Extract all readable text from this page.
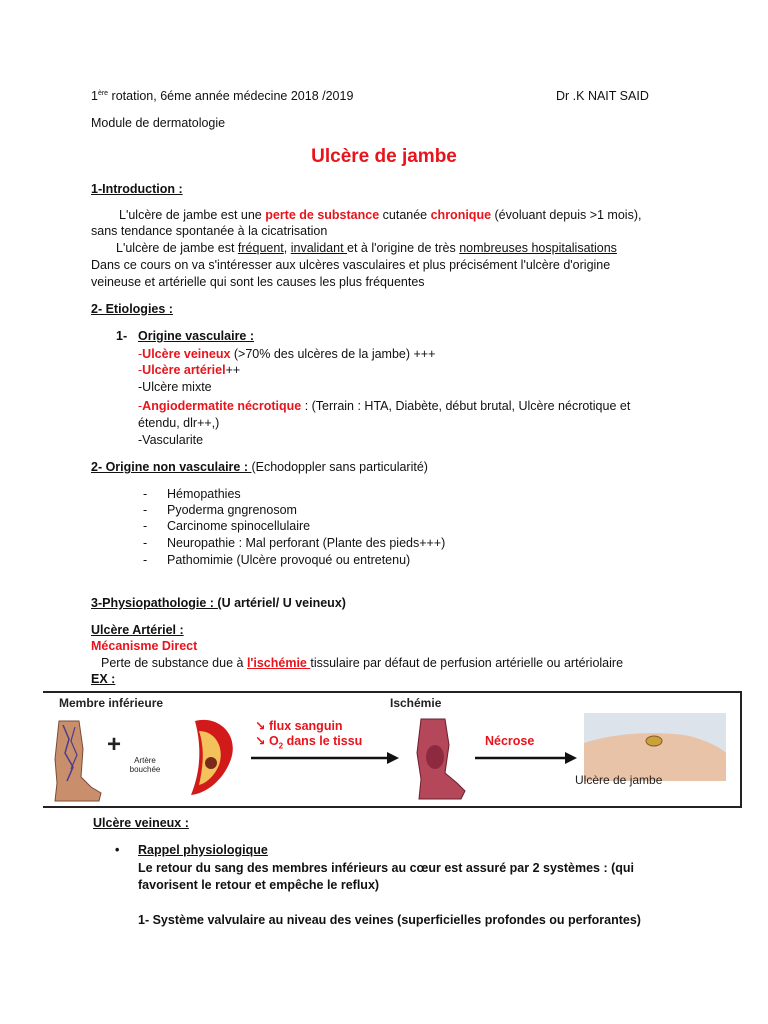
1ère rotation, 6éme année médecine 2018 /2019	Dr .K NAIT SAID
Module de dermatologie
Ulcère de jambe
1-Introduction :
L'ulcère de jambe est une perte de substance cutanée chronique (évoluant depuis >1 mois),
sans tendance spontanée à la cicatrisation
L'ulcère de jambe est fréquent, invalidant et à l'origine de très nombreuses hospitalisations
Dans ce cours on va s'intéresser aux ulcères vasculaires et plus précisément l'ulcère d'origine
veineuse et artérielle qui sont les causes les plus fréquentes
2- Etiologies :
1- Origine vasculaire :
-Ulcère veineux (>70% des ulcères de la jambe) +++
-Ulcère artériel++
-Ulcère mixte
-Angiodermatite nécrotique : (Terrain : HTA, Diabète, début brutal, Ulcère nécrotique et
étendu, dlr++,)
-Vascularite
2- Origine non vasculaire : (Echodoppler sans particularité)
- Hémopathies
- Pyoderma gngrenosom
- Carcinome spinocellulaire
- Neuropathie : Mal perforant (Plante des pieds+++)
- Pathomimie (Ulcère provoqué ou entretenu)
3-Physiopathologie : (U artériel/ U veineux)
Ulcère Artériel :
Mécanisme Direct
Perte de substance due à l'ischémie tissulaire par défaut de perfusion artérielle ou artériolaire
EX :
Membre inférieure	Ischémie
+
Artère
bouchée
↘ flux sanguin
↘ $O_2$ dans le tissu	Nécrose
Ulcère de jambe
Ulcère veineux :
• Rappel physiologique
Le retour du sang des membres inférieurs au cœur est assuré par 2 systèmes : (qui
favorisent le retour et empêche le reflux)
1- Système valvulaire au niveau des veines (superficielles profondes ou perforantes)
